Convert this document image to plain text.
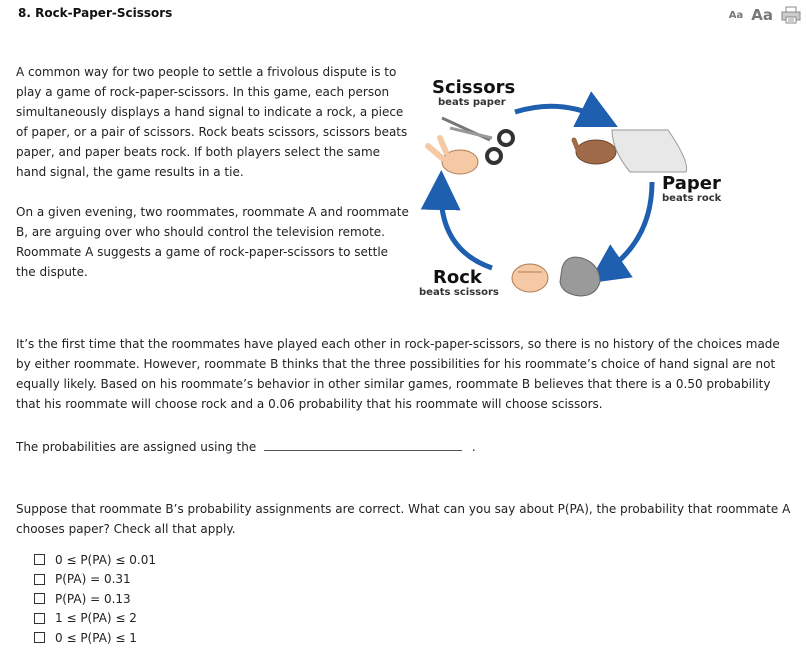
8. Rock-Paper-Scissors	Aa Aa

A common way for two people to settle a frivolous dispute is to play a game of rock-paper-scissors. In this game, each person simultaneously displays a hand signal to indicate a rock, a piece of paper, or a pair of scissors. Rock beats scissors, scissors beats paper, and paper beats rock. If both players select the same hand signal, the game results in a tie.

On a given evening, two roommates, roommate A and roommate B, are arguing over who should control the television remote. Roommate A suggests a game of rock-paper-scissors to settle the dispute.

Scissors
beats paper
Paper
beats rock
Rock
beats scissors

It’s the first time that the roommates have played each other in rock-paper-scissors, so there is no history of the choices made by either roommate. However, roommate B thinks that the three possibilities for his roommate’s choice of hand signal are not equally likely. Based on his roommate’s behavior in other similar games, roommate B believes that there is a 0.50 probability that his roommate will choose rock and a 0.06 probability that his roommate will choose scissors.

The probabilities are assigned using the	.

Suppose that roommate B’s probability assignments are correct. What can you say about P(PA), the probability that roommate A chooses paper? Check all that apply.

0 ≤ P(PA) ≤ 0.01
P(PA) = 0.31
P(PA) = 0.13
1 ≤ P(PA) ≤ 2
0 ≤ P(PA) ≤ 1
